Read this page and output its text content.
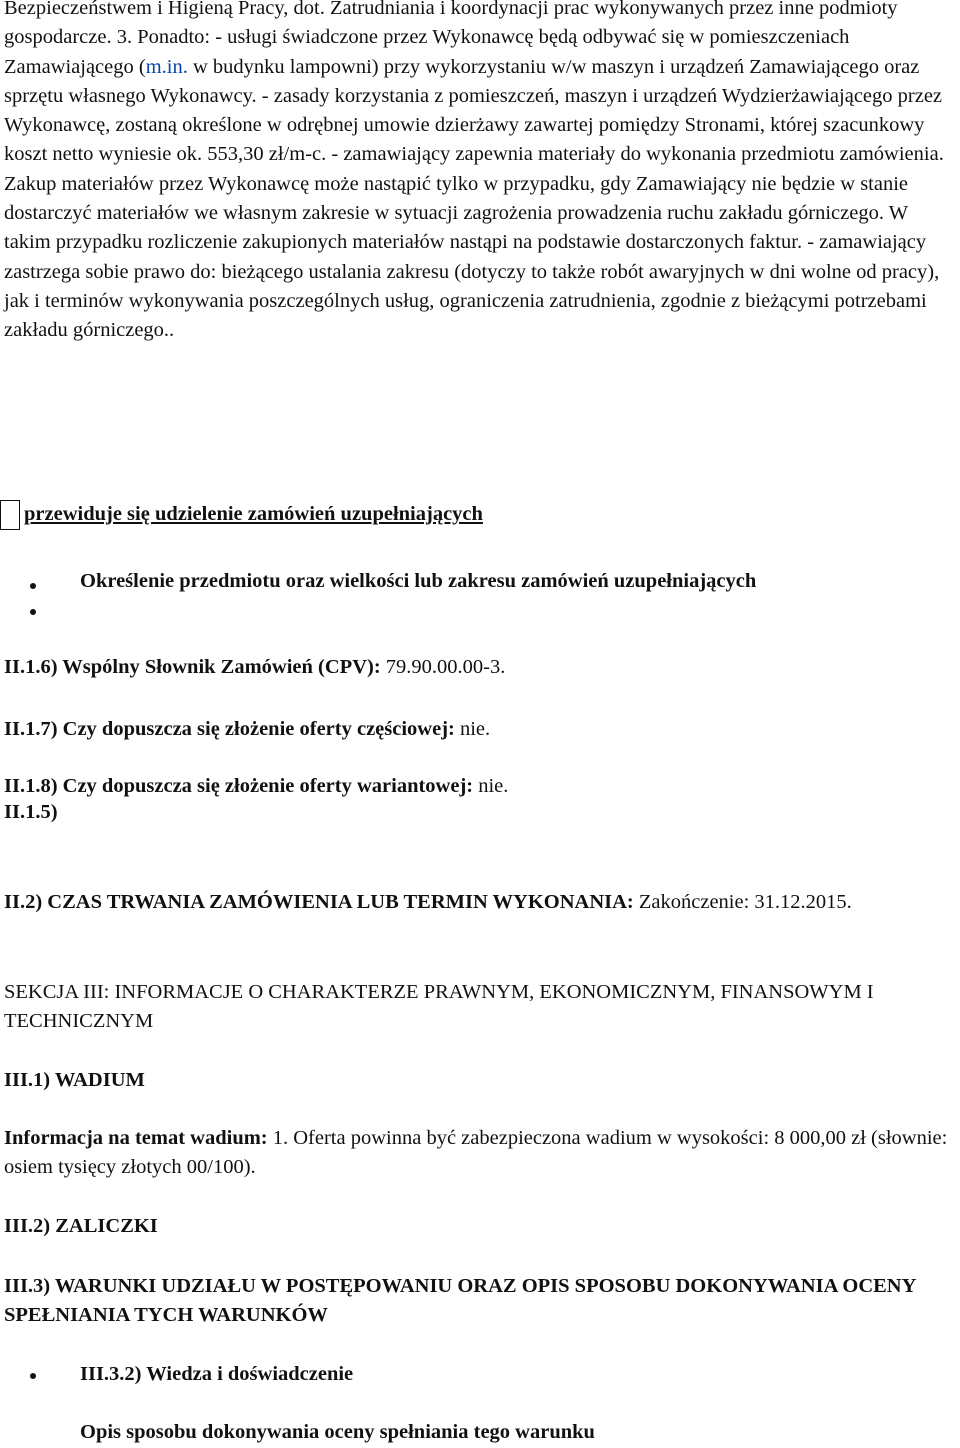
Bezpieczeństwem i Higieną Pracy, dot. Zatrudniania i koordynacji prac wykonywanych przez inne podmioty gospodarcze. 3. Ponadto: - usługi świadczone przez Wykonawcę będą odbywać się w pomieszczeniach Zamawiającego (m.in. w budynku lampowni) przy wykorzystaniu w/w maszyn i urządzeń Zamawiającego oraz sprzętu własnego Wykonawcy. - zasady korzystania z pomieszczeń, maszyn i urządzeń Wydzierżawiającego przez Wykonawcę, zostaną określone w odrębnej umowie dzierżawy zawartej pomiędzy Stronami, której szacunkowy koszt netto wyniesie ok. 553,30 zł/m-c. - zamawiający zapewnia materiały do wykonania przedmiotu zamówienia. Zakup materiałów przez Wykonawcę może nastąpić tylko w przypadku, gdy Zamawiający nie będzie w stanie dostarczyć materiałów we własnym zakresie w sytuacji zagrożenia prowadzenia ruchu zakładu górniczego. W takim przypadku rozliczenie zakupionych materiałów nastąpi na podstawie dostarczonych faktur. - zamawiający zastrzega sobie prawo do: bieżącego ustalania zakresu (dotyczy to także robót awaryjnych w dni wolne od pracy), jak i terminów wykonywania poszczególnych usług, ograniczenia zatrudnienia, zgodnie z bieżącymi potrzebami zakładu górniczego..

II.1.5)
przewiduje się udzielenie zamówień uzupełniających
Określenie przedmiotu oraz wielkości lub zakresu zamówień uzupełniających
II.1.6) Wspólny Słownik Zamówień (CPV): 79.90.00.00-3.
II.1.7) Czy dopuszcza się złożenie oferty częściowej: nie.
II.1.8) Czy dopuszcza się złożenie oferty wariantowej: nie.
II.2) CZAS TRWANIA ZAMÓWIENIA LUB TERMIN WYKONANIA: Zakończenie: 31.12.2015.
SEKCJA III: INFORMACJE O CHARAKTERZE PRAWNYM, EKONOMICZNYM, FINANSOWYM I TECHNICZNYM
III.1) WADIUM
Informacja na temat wadium: 1. Oferta powinna być zabezpieczona wadium w wysokości: 8 000,00 zł (słownie: osiem tysięcy złotych 00/100).
III.2) ZALICZKI
III.3) WARUNKI UDZIAŁU W POSTĘPOWANIU ORAZ OPIS SPOSOBU DOKONYWANIA OCENY SPEŁNIANIA TYCH WARUNKÓW
III.3.2) Wiedza i doświadczenie
Opis sposobu dokonywania oceny spełniania tego warunku
